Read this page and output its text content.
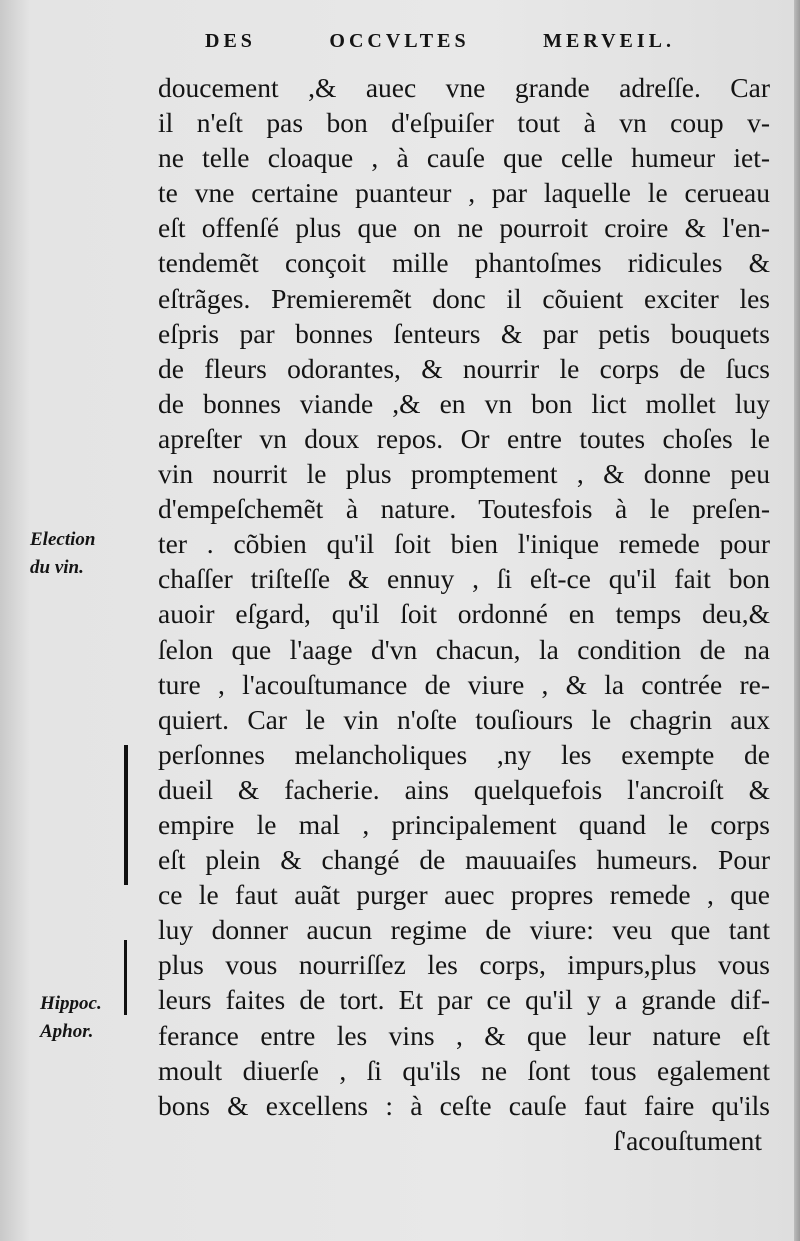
DES	OCCVLTES	MERVEIL.
doucement ,& auec vne grande adreſſe. Car
il n'eſt pas bon d'eſpuiſer tout à vn coup v-
ne telle cloaque , à cauſe que celle humeur iet-
te vne certaine puanteur , par laquelle le cerueau
eſt offenſé plus que on ne pourroit croire & l'en-
tendemẽt conçoit mille phantoſmes ridicules &
eſtrãges. Premieremẽt donc il cõuient exciter les
eſpris par bonnes ſenteurs & par petis bouquets
de fleurs odorantes, & nourrir le corps de ſucs
de bonnes viande ,& en vn bon lict mollet luy
apreſter vn doux repos. Or entre toutes choſes le
vin nourrit le plus promptement , & donne peu
d'empeſchemẽt à nature. Toutesfois à le preſen-
ter . cõbien qu'il ſoit bien l'inique remede pour
chaſſer triſteſſe & ennuy , ſi eſt-ce qu'il fait bon
auoir eſgard, qu'il ſoit ordonné en temps deu,&
ſelon que l'aage d'vn chacun, la condition de na
ture , l'acouſtumance de viure , & la contrée re-
quiert. Car le vin n'oſte touſiours le chagrin aux
perſonnes melancholiques ,ny les exempte de
dueil & facherie. ains quelquefois l'ancroiſt &
empire le mal , principalement quand le corps
eſt plein & changé de mauuaiſes humeurs. Pour
ce le faut auãt purger auec propres remede , que
luy donner aucun regime de viure: veu que tant
plus vous nourriſſez les corps, impurs,plus vous
leurs faites de tort. Et par ce qu'il y a grande dif-
ferance entre les vins , & que leur nature eſt
moult diuerſe , ſi qu'ils ne ſont tous egalement
bons & excellens : à ceſte cauſe faut faire qu'ils
ſ'acouſtument
Election
du vin.
Hippoc.
Aphor.
